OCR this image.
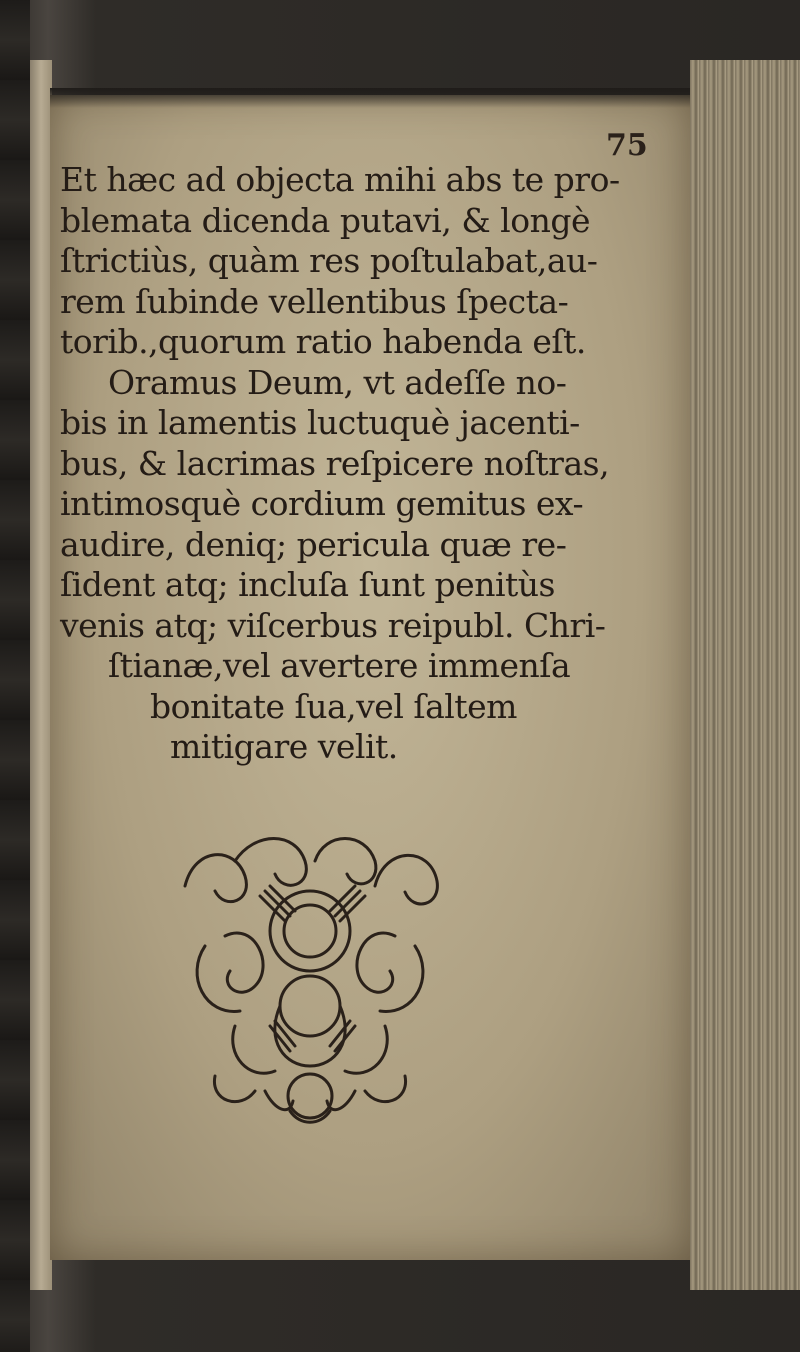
75
Et hæc ad objecta mihi abs te pro-
blemata dicenda putavi, & longè
ſtrictiùs, quàm res poſtulabat,au-
rem ſubinde vellentibus ſpecta-
torib.,quorum ratio habenda eſt.
Oramus Deum, vt adeſſe no-
bis in lamentis luctuquè jacenti-
bus, & lacrimas reſpicere noſtras,
intimosquè cordium gemitus ex-
audire, deniq; pericula quæ re-
ſident atq; incluſa ſunt penitùs
venis atq; viſcerbus reipubl. Chri-
ſtianæ,vel avertere immenſa
bonitate ſua,vel ſaltem
mitigare velit.
